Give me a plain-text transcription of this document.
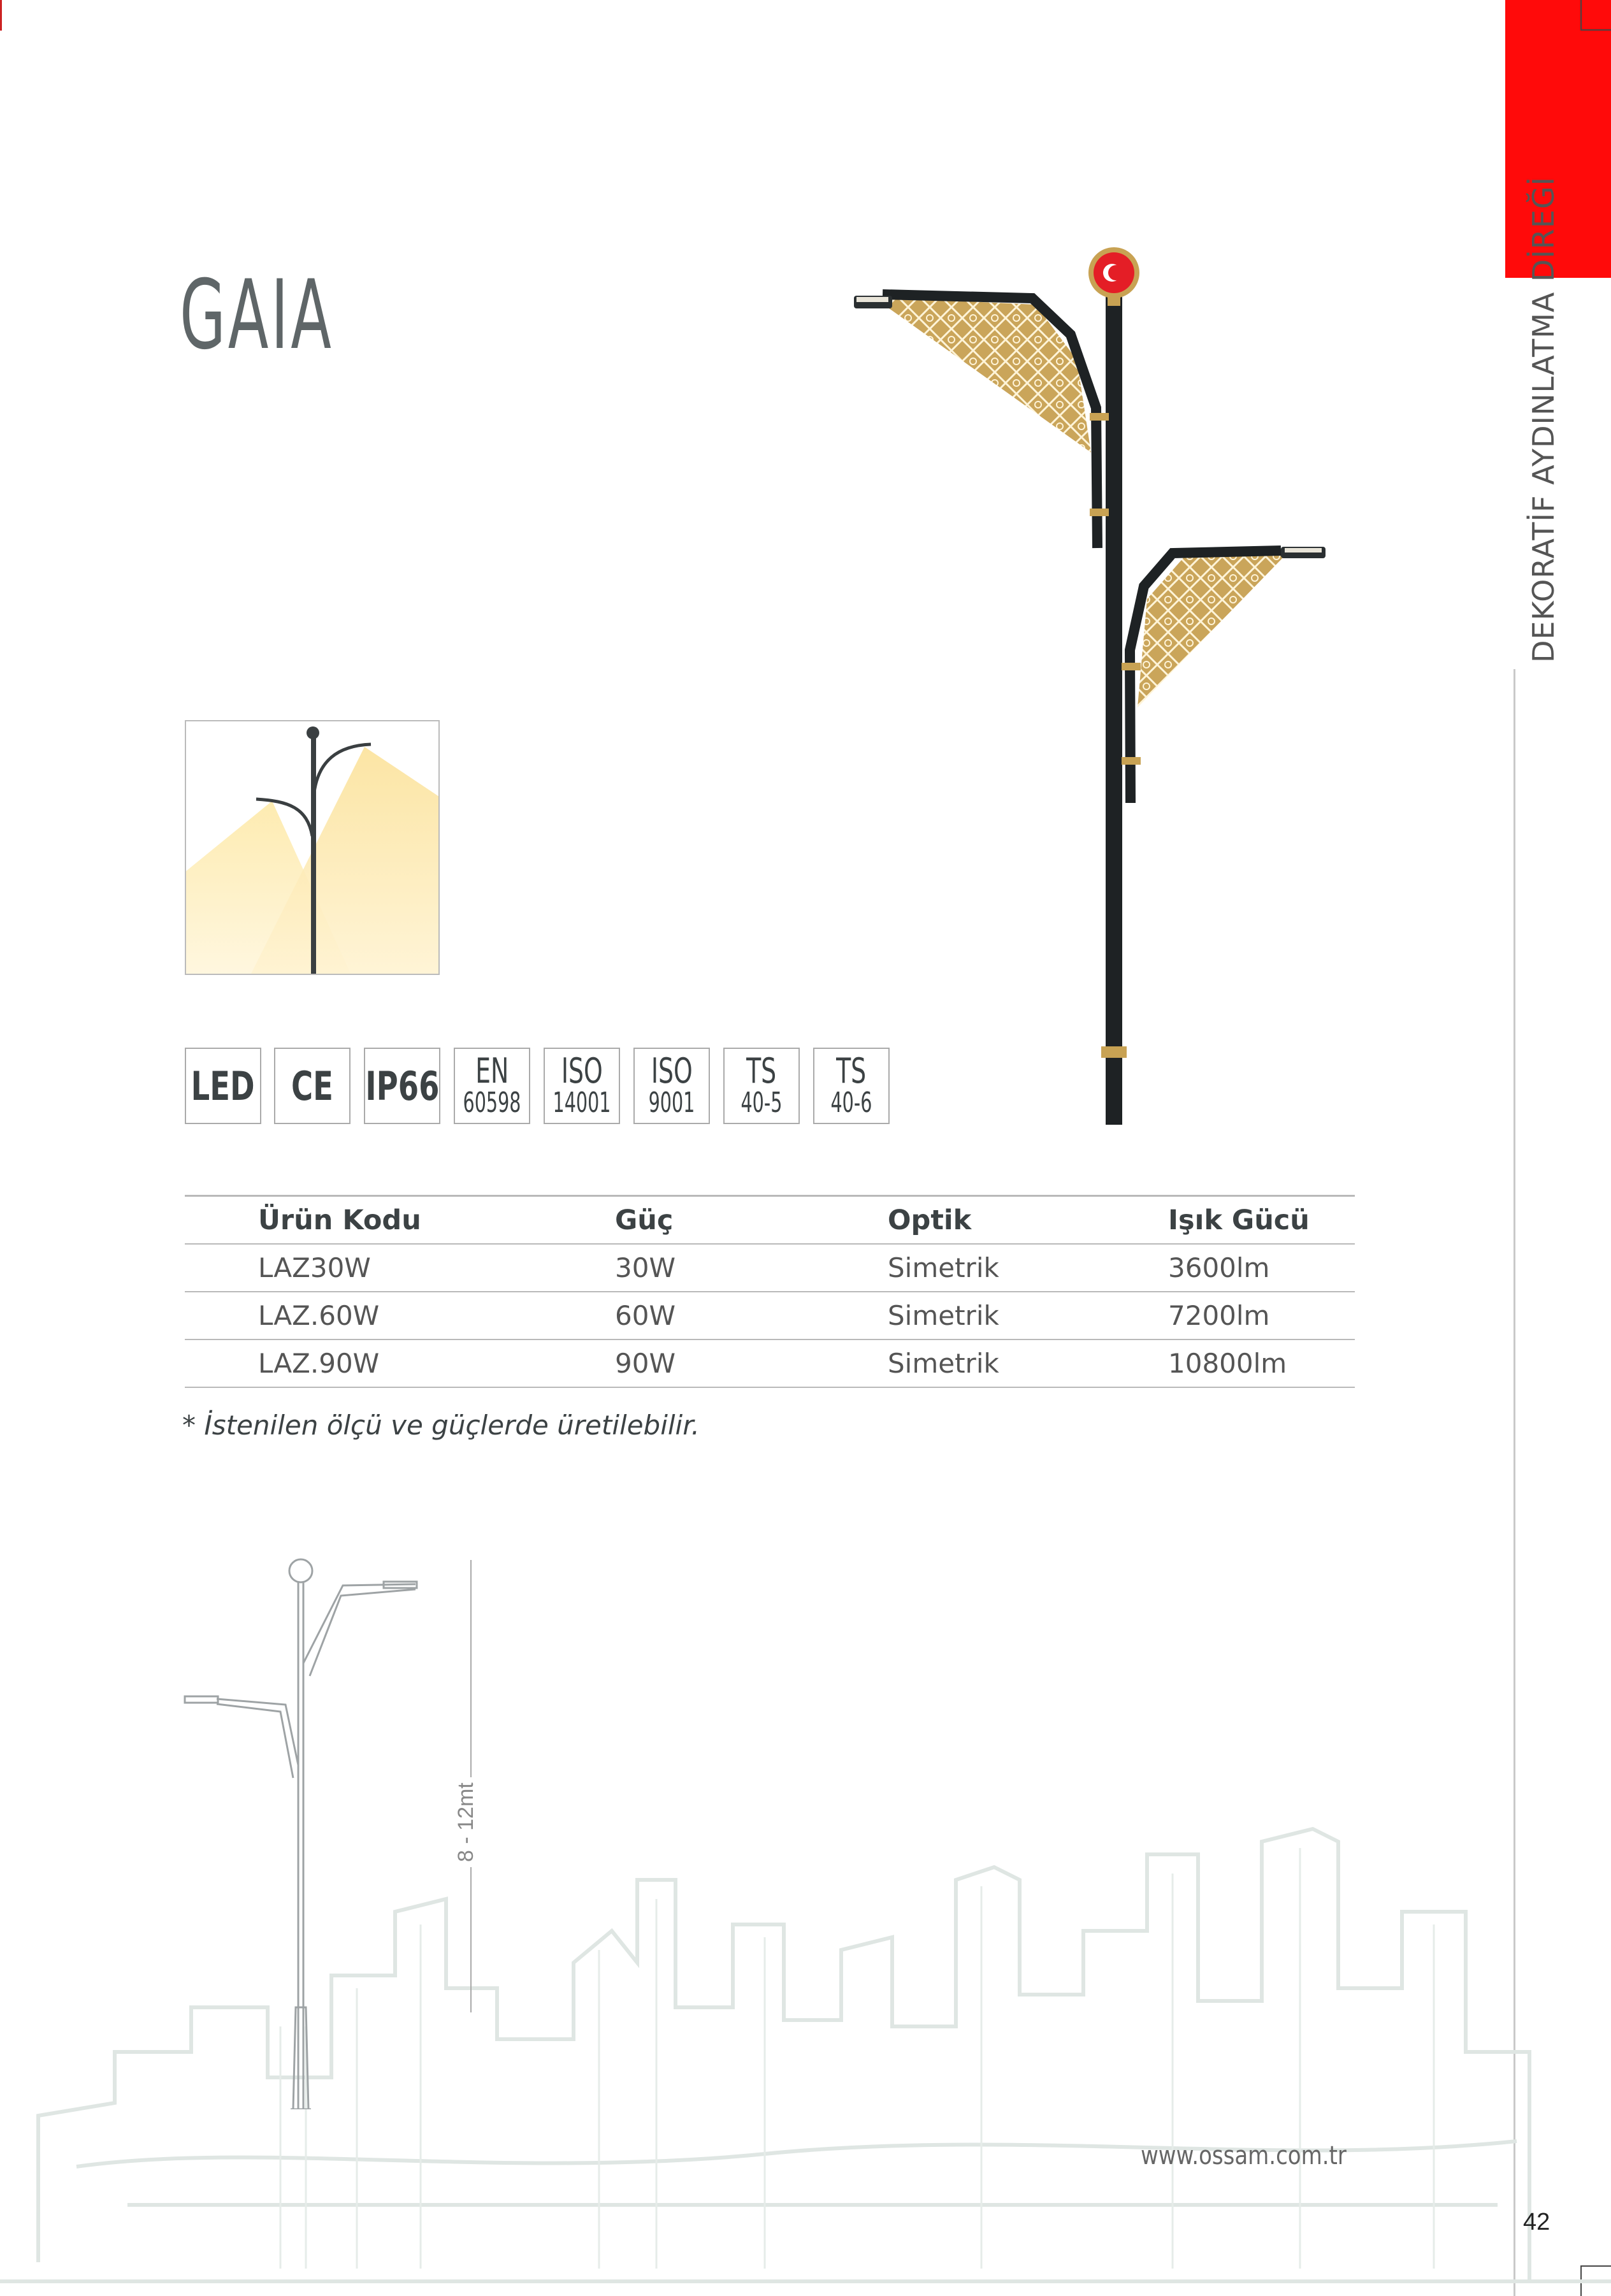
DEKORATİF AYDINLATMA DİREĞİ
GAIA
LED CE IP66 EN
60598
ISO
14001
ISO
9001
TS
40-5
TS
40-6
Ürün Kodu	Güç	Optik	Işık Gücü
LAZ30W	30W	Simetrik	3600lm
LAZ.60W	60W	Simetrik	7200lm
LAZ.90W	90W	Simetrik	10800lm
* İstenilen ölçü ve güçlerde üretilebilir.
8 - 12mt
www.ossam.com.tr
42
